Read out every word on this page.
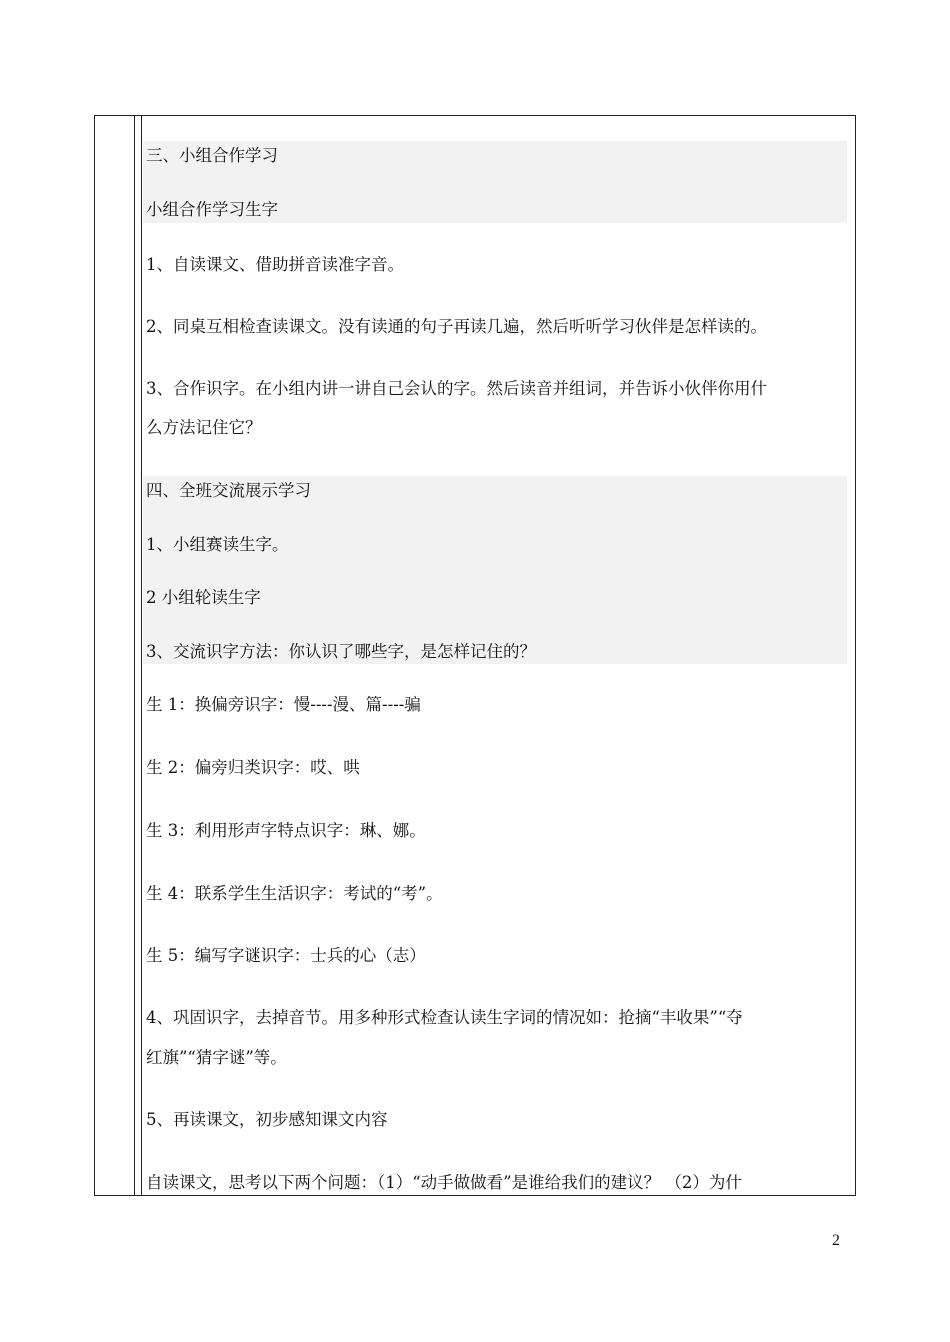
三、小组合作学习
小组合作学习生字
1、自读课文、借助拼音读准字音。
2、同桌互相检查读课文。没有读通的句子再读几遍，然后听听学习伙伴是怎样读的。
3、合作识字。在小组内讲一讲自己会认的字。然后读音并组词，并告诉小伙伴你用什
么方法记住它？
四、全班交流展示学习
1、小组赛读生字。
2 小组轮读生字
3、交流识字方法：你认识了哪些字，是怎样记住的？
生 1：换偏旁识字：慢----漫、篇----骗
生 2：偏旁归类识字：哎、哄
生 3：利用形声字特点识字：琳、娜。
生 4：联系学生生活识字：考试的“考”。
生 5：编写字谜识字：士兵的心（志）
4、巩固识字，去掉音节。用多种形式检查认读生字词的情况如：抢摘“丰收果”“夺
红旗”“猜字谜”等。
5、再读课文，初步感知课文内容
自读课文，思考以下两个问题：（1）“动手做做看”是谁给我们的建议？ （2）为什
2
